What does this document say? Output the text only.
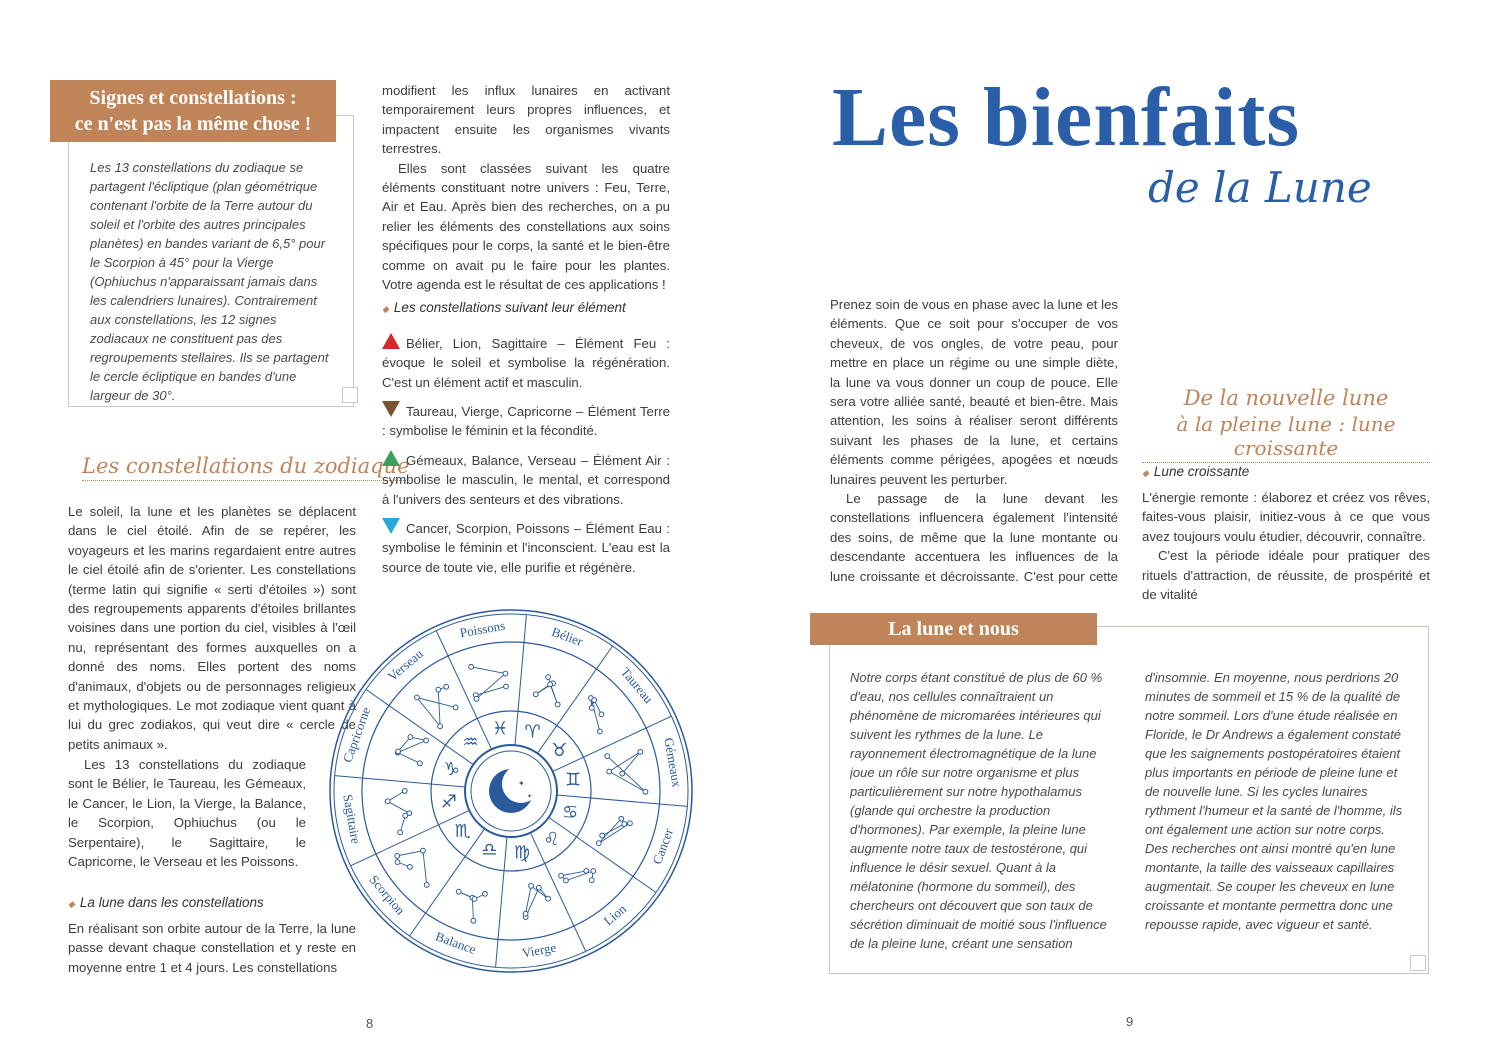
Signes et constellations :
ce n'est pas la même chose !
Les 13 constellations du zodiaque se partagent l'écliptique (plan géométrique contenant l'orbite de la Terre autour du soleil et l'orbite des autres principales planètes) en bandes variant de 6,5° pour le Scorpion à 45° pour la Vierge (Ophiuchus n'apparaissant jamais dans les calendriers lunaires). Contrairement aux constellations, les 12 signes zodiacaux ne constituent pas des regroupements stellaires. Ils se partagent le cercle écliptique en bandes d'une largeur de 30°.
Les constellations du zodiaque

Le soleil, la lune et les planètes se déplacent dans le ciel étoilé. Afin de se repérer, les voyageurs et les marins regardaient entre autres le ciel étoilé afin de s'orienter. Les constellations (terme latin qui signifie « serti d'étoiles ») sont des regroupements apparents d'étoiles brillantes voisines dans une portion du ciel, visibles à l'œil nu, représentant des formes auxquelles on a donné des noms. Elles portent des noms d'animaux, d'objets ou de personnages religieux et mythologiques. Le mot zodiaque vient quant à lui du grec zodiakos, qui veut dire « cercle de petits animaux ».

Les 13 constellations du zodiaque sont le Bélier, le Taureau, les Gémeaux, le Cancer, le Lion, la Vierge, la Balance, le Scorpion, Ophiuchus (ou le Serpentaire), le Sagittaire, le Capricorne, le Verseau et les Poissons.

◆ La lune dans les constellations

En réalisant son orbite autour de la Terre, la lune passe devant chaque constellation et y reste en moyenne entre 1 et 4 jours. Les constellations

modifient les influx lunaires en activant temporairement leurs propres influences, et impactent ensuite les organismes vivants terrestres.

Elles sont classées suivant les quatre éléments constituant notre univers : Feu, Terre, Air et Eau. Après bien des recherches, on a pu relier les éléments des constellations aux soins spécifiques pour le corps, la santé et le bien-être comme on avait pu le faire pour les plantes. Votre agenda est le résultat de ces applications !

◆ Les constellations suivant leur élément
Bélier, Lion, Sagittaire – Élément Feu : évoque le soleil et symbolise la régénération. C'est un élément actif et masculin.
Taureau, Vierge, Capricorne – Élément Terre : symbolise le féminin et la fécondité.
Gémeaux, Balance, Verseau – Élément Air : symbolise le masculin, le mental, et correspond à l'univers des senteurs et des vibrations.
Cancer, Scorpion, Poissons – Élément Eau : symbolise le féminin et l'inconscient. L'eau est la source de toute vie, elle purifie et régénère.
Bélier
Taureau
Gémeaux
Cancer
Lion
Vierge
Balance
Scorpion
Sagittaire
Capricorne
Verseau
Poissons
♈
♉
♊
♋
♌
♍
♎
♏
♐
♑
♒
♓
✦
✦
8
Les bienfaits
de la Lune

Prenez soin de vous en phase avec la lune et les éléments. Que ce soit pour s'occuper de vos cheveux, de vos ongles, de votre peau, pour mettre en place un régime ou une simple diète, la lune va vous donner un coup de pouce. Elle sera votre alliée santé, beauté et bien-être. Mais attention, les soins à réaliser seront différents suivant les phases de la lune, et certains éléments comme périgées, apogées et nœuds lunaires peuvent les perturber.

Le passage de la lune devant les constellations influencera également l'intensité des soins, de même que la lune montante ou descendante accentuera les influences de la lune croissante et décroissante. C'est pour cette

De la nouvelle lune
à la pleine lune : lune croissante
◆ Lune croissante

L'énergie remonte : élaborez et créez vos rêves, faites-vous plaisir, initiez-vous à ce que vous avez toujours voulu étudier, découvrir, connaître.

C'est la période idéale pour pratiquer des rituels d'attraction, de réussite, de prospérité et de vitalité

La lune et nous
Notre corps étant constitué de plus de 60 % d'eau, nos cellules connaîtraient un phénomène de micromarées intérieures qui suivent les rythmes de la lune. Le rayonnement électromagnétique de la lune joue un rôle sur notre organisme et plus particulièrement sur notre hypothalamus (glande qui orchestre la production d'hormones). Par exemple, la pleine lune augmente notre taux de testostérone, qui influence le désir sexuel. Quant à la mélatonine (hormone du sommeil), des chercheurs ont découvert que son taux de sécrétion diminuait de moitié sous l'influence de la pleine lune, créant une sensation d'insomnie. En moyenne, nous perdrions 20 minutes de sommeil et 15 % de la qualité de notre sommeil. Lors d'une étude réalisée en Floride, le Dr Andrews a également constaté que les saignements postopératoires étaient plus importants en période de pleine lune et de nouvelle lune. Si les cycles lunaires rythment l'humeur et la santé de l'homme, ils ont également une action sur notre corps. Des recherches ont ainsi montré qu'en lune montante, la taille des vaisseaux capillaires augmentait. Se couper les cheveux en lune croissante et montante permettra donc une repousse rapide, avec vigueur et santé.
9
